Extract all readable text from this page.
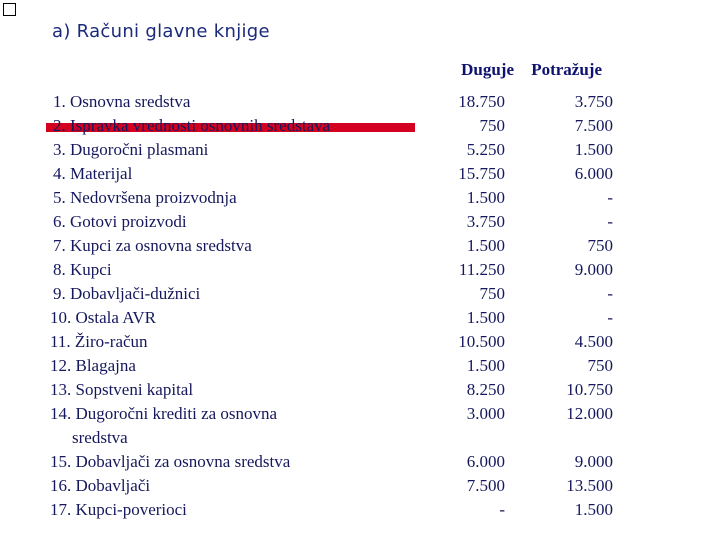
a) Računi glavne knjige
Duguje Potražuje
1. Osnovna sredstva	18.750	3.750
2. Ispravka vrednosti osnovnih sredstava	750	7.500
3. Dugoročni plasmani	5.250	1.500
4. Materijal	15.750	6.000
5. Nedovršena proizvodnja	1.500	-
6. Gotovi proizvodi	3.750	-
7. Kupci za osnovna sredstva	1.500	750
8. Kupci	11.250	9.000
9. Dobavljači-dužnici	750	-
10. Ostala AVR	1.500	-
11. Žiro-račun	10.500	4.500
12. Blagajna	1.500	750
13. Sopstveni kapital	8.250	10.750
14. Dugoročni krediti za osnovna	3.000	12.000
sredstva
15. Dobavljači za osnovna sredstva	6.000	9.000
16. Dobavljači	7.500	13.500
17. Kupci-poverioci	-	1.500
